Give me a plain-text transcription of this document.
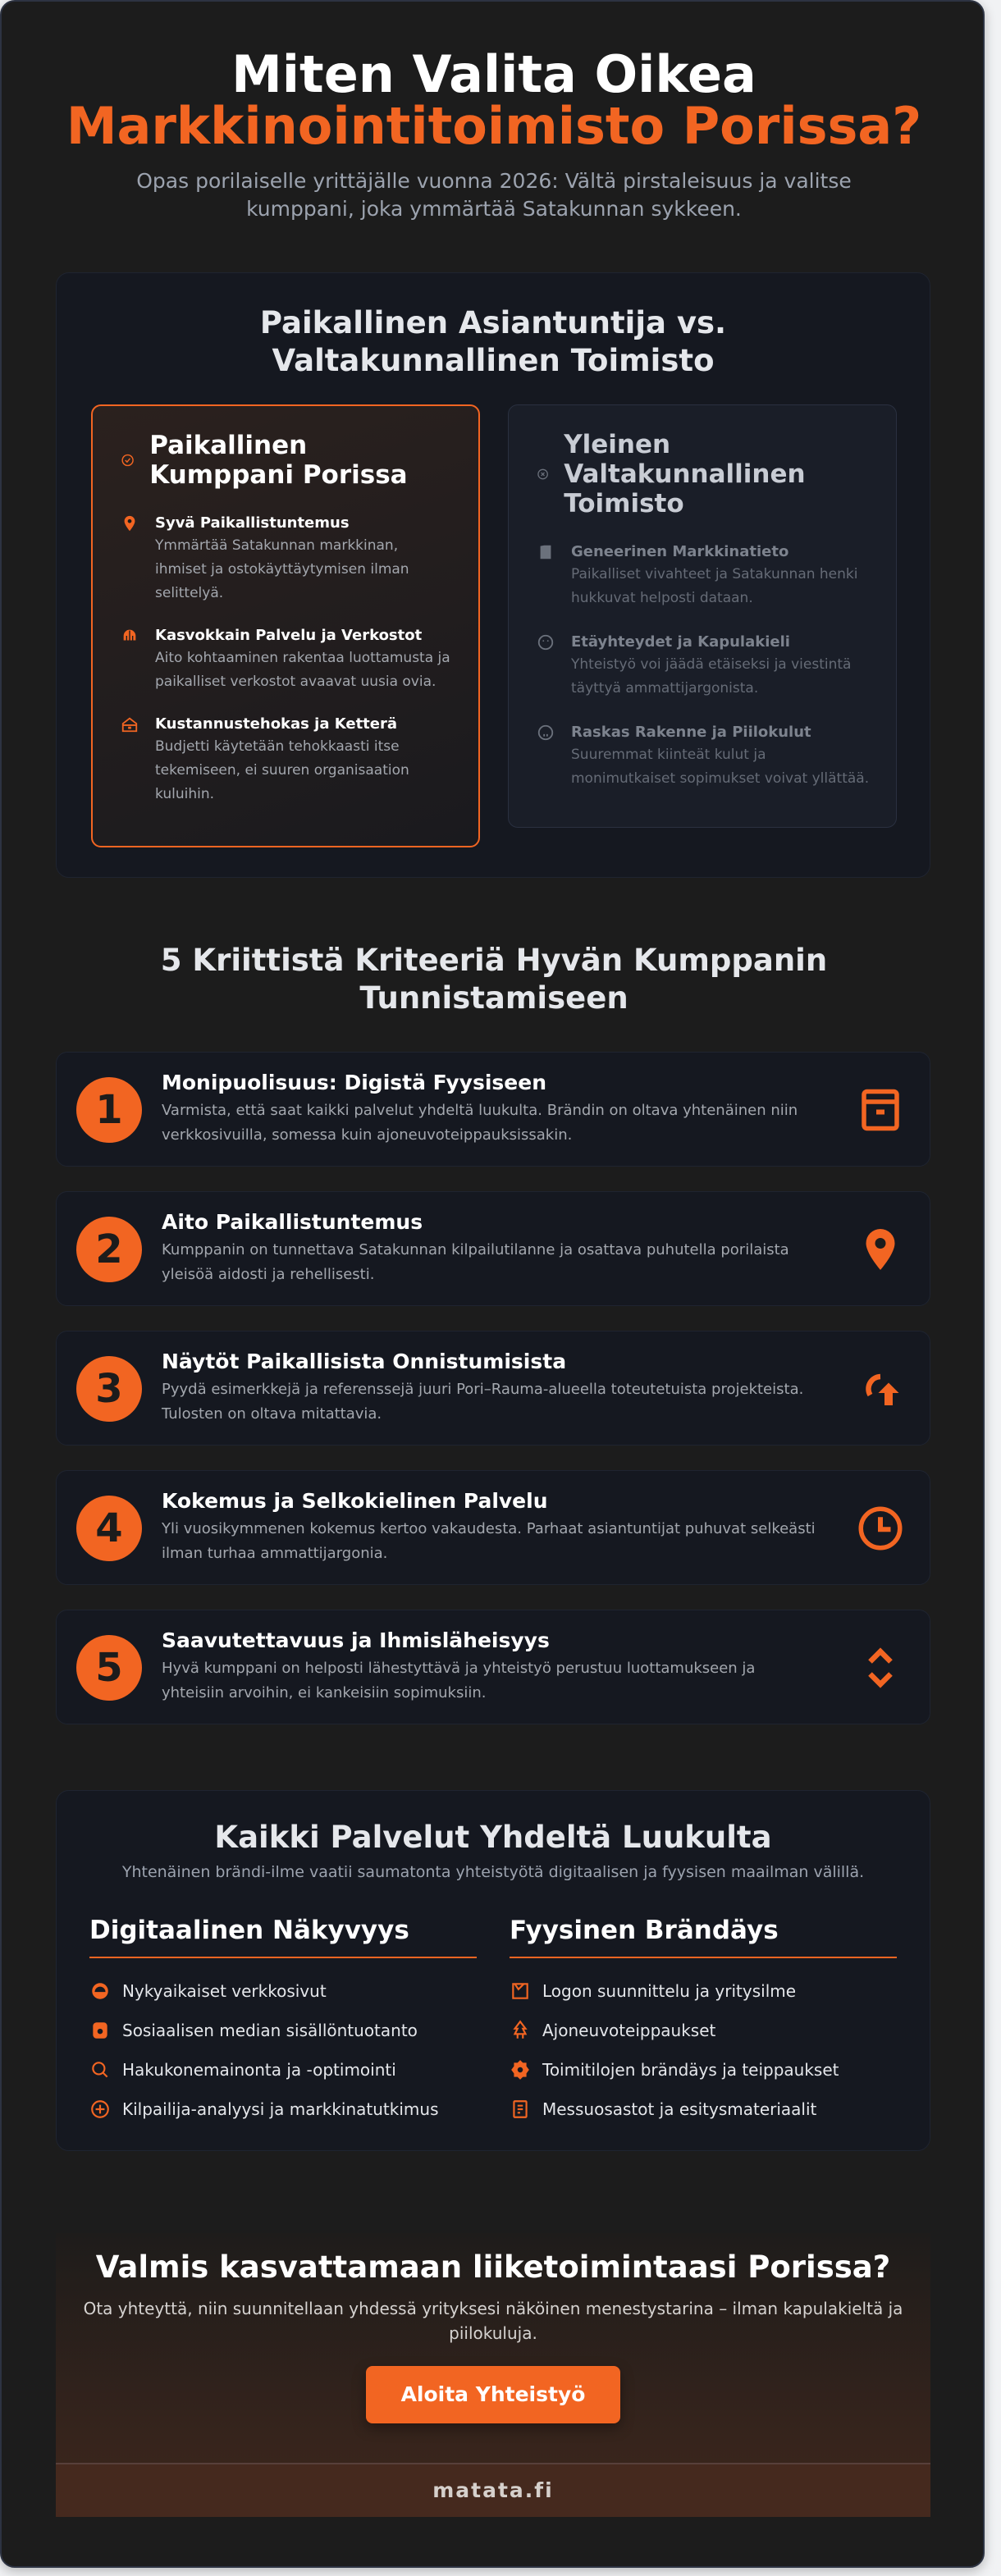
Miten Valita Oikea
Markkinointitoimisto Porissa?
Opas porilaiselle yrittäjälle vuonna 2026: Vältä pirstaleisuus ja valitse kumppani, joka ymmärtää Satakunnan sykkeen.
Paikallinen Asiantuntija vs. Valtakunnallinen Toimisto
Paikallinen Kumppani Porissa
Syvä Paikallistuntemus
Ymmärtää Satakunnan markkinan, ihmiset ja ostokäyttäytymisen ilman selittelyä.
Kasvokkain Palvelu ja Verkostot
Aito kohtaaminen rakentaa luottamusta ja paikalliset verkostot avaavat uusia ovia.
Kustannustehokas ja Ketterä
Budjetti käytetään tehokkaasti itse tekemiseen, ei suuren organisaation kuluihin.
Yleinen Valtakunnallinen Toimisto
Geneerinen Markkinatieto
Paikalliset vivahteet ja Satakunnan henki hukkuvat helposti dataan.
Etäyhteydet ja Kapulakieli
Yhteistyö voi jäädä etäiseksi ja viestintä täyttyä ammattijargonista.
Raskas Rakenne ja Piilokulut
Suuremmat kiinteät kulut ja monimutkaiset sopimukset voivat yllättää.
5 Kriittistä Kriteeriä Hyvän Kumppanin Tunnistamiseen
1
Monipuolisuus: Digistä Fyysiseen
Varmista, että saat kaikki palvelut yhdeltä luukulta. Brändin on oltava yhtenäinen niin verkkosivuilla, somessa kuin ajoneuvoteippauksissakin.
2
Aito Paikallistuntemus
Kumppanin on tunnettava Satakunnan kilpailutilanne ja osattava puhutella porilaista yleisöä aidosti ja rehellisesti.
3
Näytöt Paikallisista Onnistumisista
Pyydä esimerkkejä ja referenssejä juuri Pori–Rauma-alueella toteutetuista projekteista. Tulosten on oltava mitattavia.
4
Kokemus ja Selkokielinen Palvelu
Yli vuosikymmenen kokemus kertoo vakaudesta. Parhaat asiantuntijat puhuvat selkeästi ilman turhaa ammattijargonia.
5
Saavutettavuus ja Ihmisläheisyys
Hyvä kumppani on helposti lähestyttävä ja yhteistyö perustuu luottamukseen ja yhteisiin arvoihin, ei kankeisiin sopimuksiin.
Kaikki Palvelut Yhdeltä Luukulta
Yhtenäinen brändi-ilme vaatii saumatonta yhteistyötä digitaalisen ja fyysisen maailman välillä.
Digitaalinen Näkyvyys
Nykyaikaiset verkkosivut
Sosiaalisen median sisällöntuotanto
Hakukonemainonta ja -optimointi
Kilpailija-analyysi ja markkinatutkimus
Fyysinen Brändäys
Logon suunnittelu ja yritysilme
Ajoneuvoteippaukset
Toimitilojen brändäys ja teippaukset
Messuosastot ja esitysmateriaalit
Valmis kasvattamaan liiketoimintaasi Porissa?

Ota yhteyttä, niin suunnitellaan yhdessä yrityksesi näköinen menestystarina – ilman kapulakieltä ja piilokuluja.

Aloita Yhteistyö
matata.fi
